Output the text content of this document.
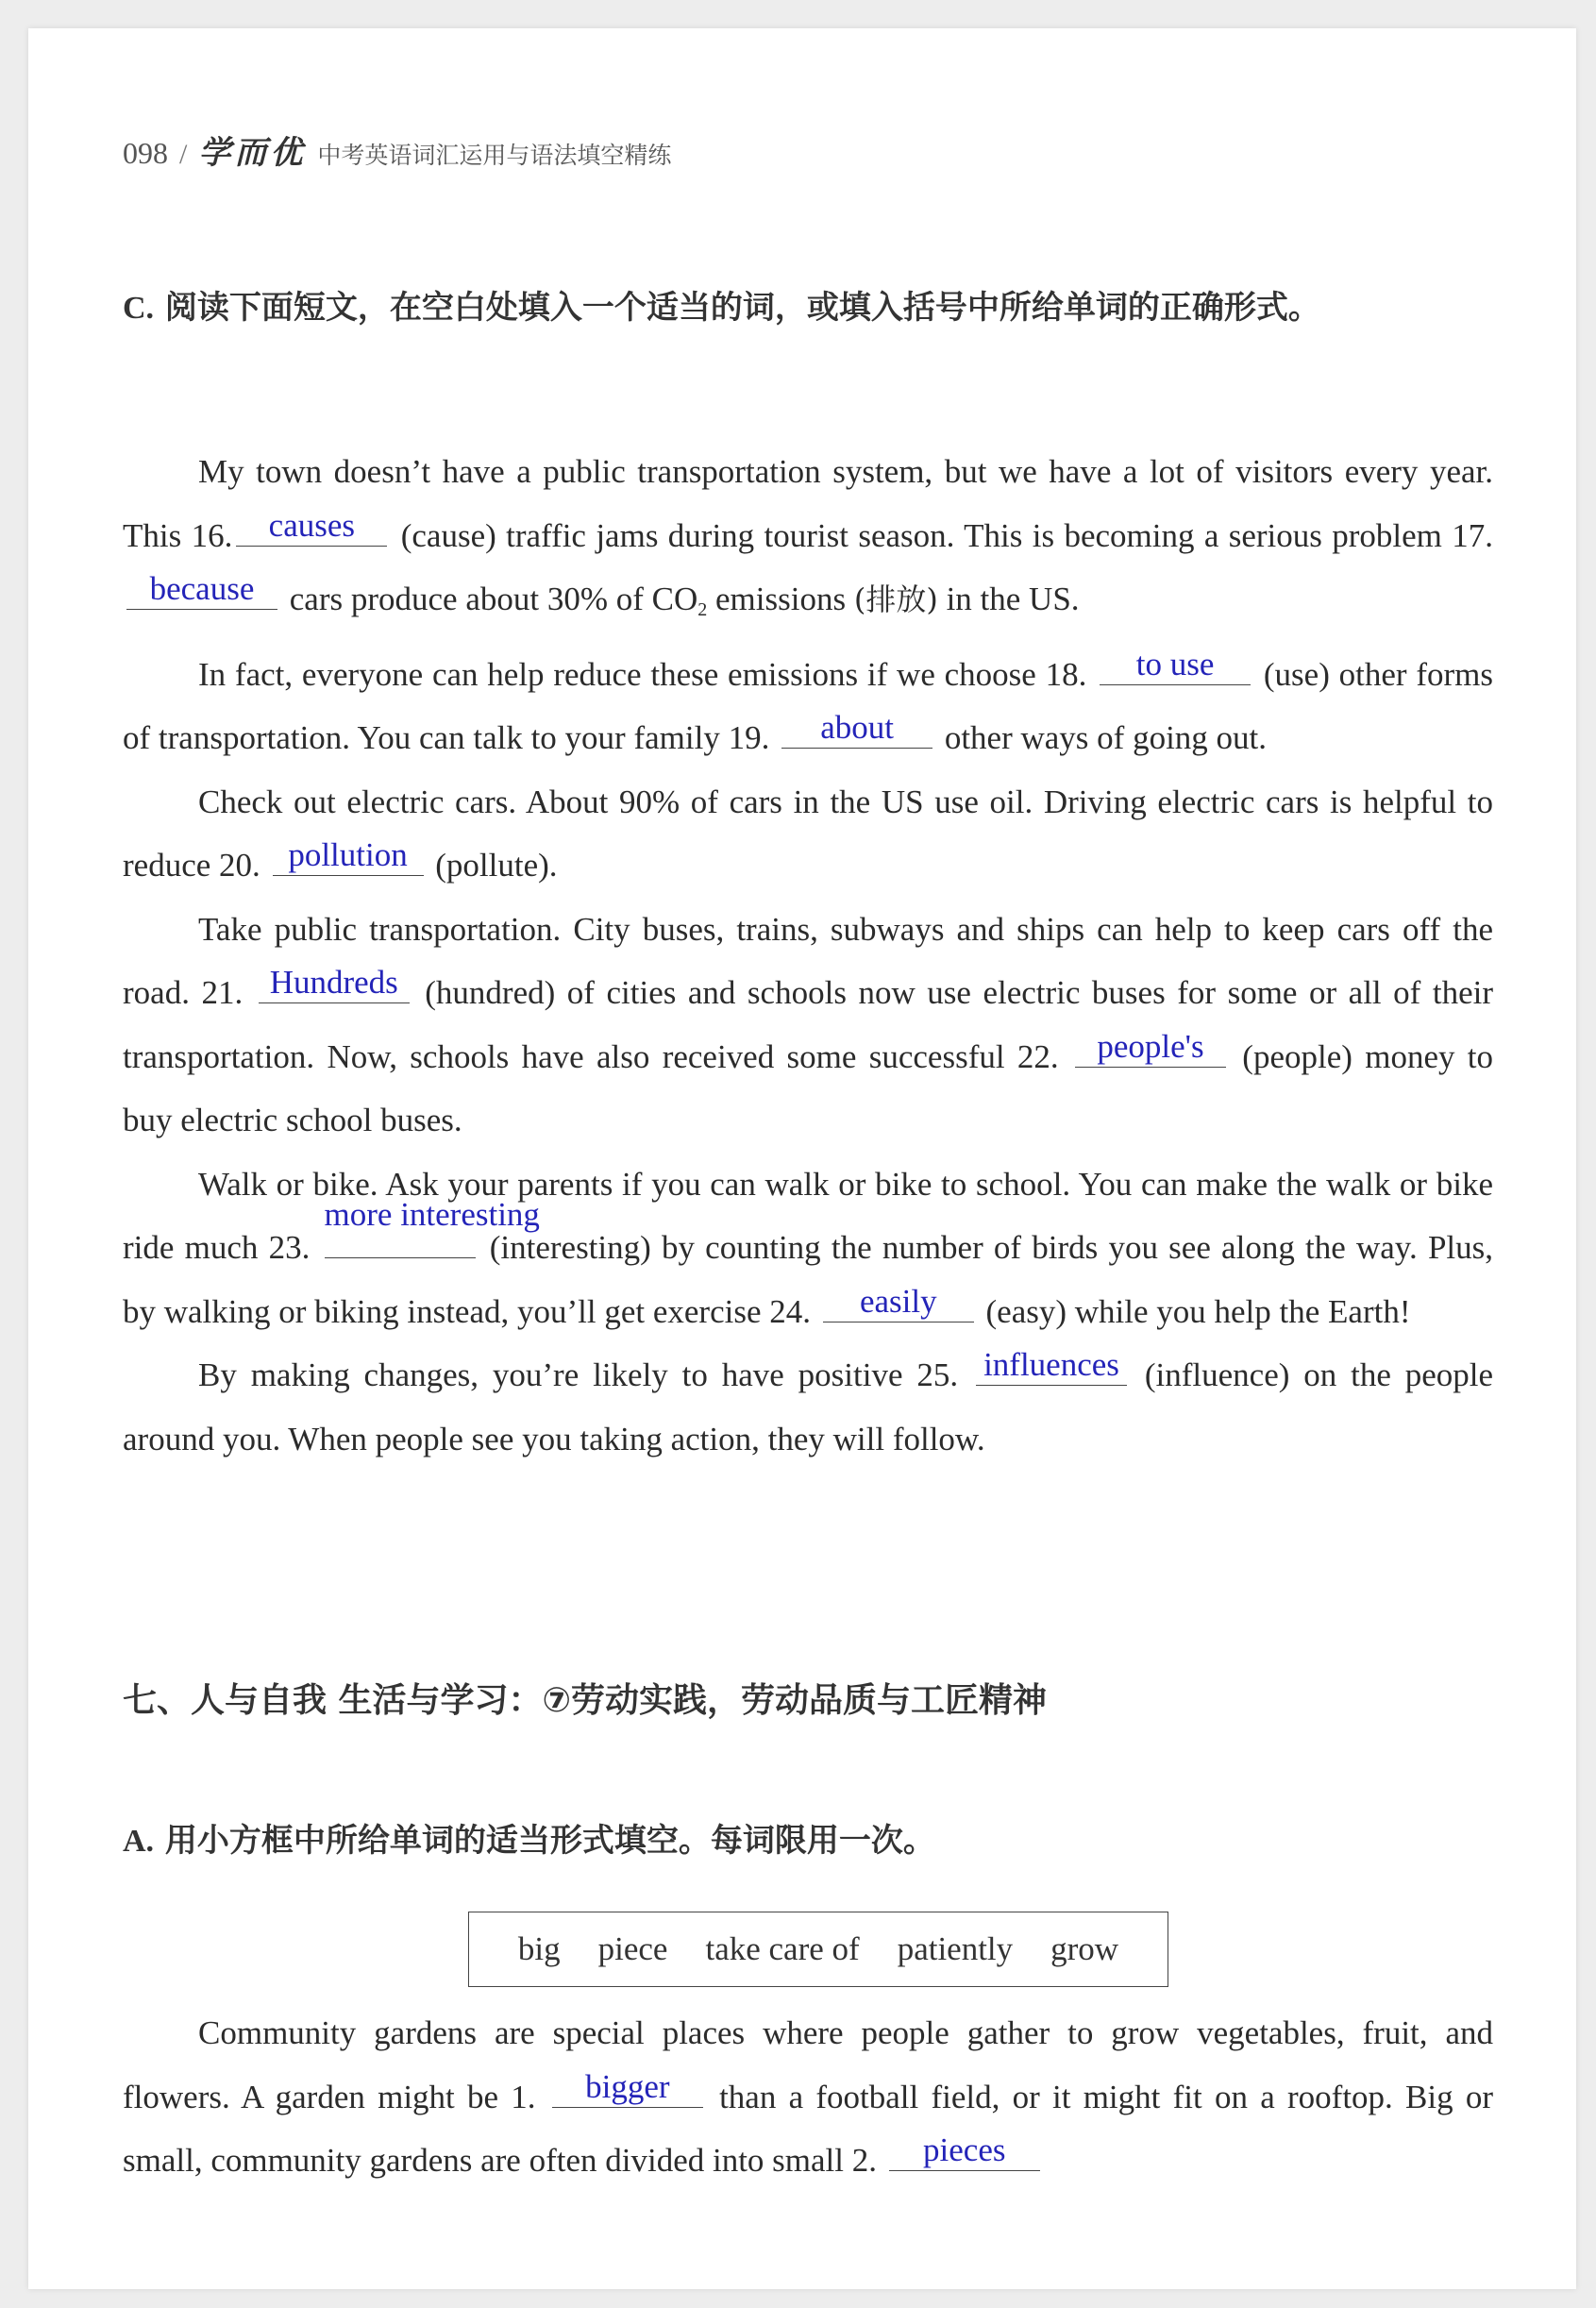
098 / 学而优 中考英语词汇运用与语法填空精练
C. 阅读下面短文，在空白处填入一个适当的词，或填入括号中所给单词的正确形式。

My town doesn’t have a public transportation system, but we have a lot of visitors every year. This 16.	causes	(cause) traffic jams during tourist season. This is becoming a serious problem 17.
because	cars produce about 30% of $CO_2$ emissions (排放) in the US.

In fact, everyone can help reduce these emissions if we choose 18.	to use	(use) other forms of transportation. You can talk to your family 19.	about	other ways of going out.

Check out electric cars. About 90% of cars in the US use oil. Driving electric cars is helpful to reduce 20. pollution (pollute).

Take public transportation. City buses, trains, subways and ships can help to keep cars off the road. 21. Hundreds (hundred) of cities and schools now use electric buses for some or all of their transportation. Now, schools have also received some successful 22.	people's	(people) money to buy electric school buses.

Walk or bike. Ask your parents if you can walk or bike to school. You can make the walk or bike ride much 23.
more interesting
(interesting) by counting the number of birds you see along the way. Plus, by walking or biking instead, you’ll get exercise 24.	easily	(easy) while you help the Earth!

By making changes, you’re likely to have positive 25. influences (influence) on the people around you. When people see you taking action, they will follow.

七、人与自我 生活与学习：⑦劳动实践，劳动品质与工匠精神
A. 用小方框中所给单词的适当形式填空。每词限用一次。
big piece take care of patiently grow

Community gardens are special places where people gather to grow vegetables, fruit, and flowers. A garden might be 1.	bigger	than a football field, or it might fit on a rooftop. Big or small, community gardens are often divided into small 2.	pieces
